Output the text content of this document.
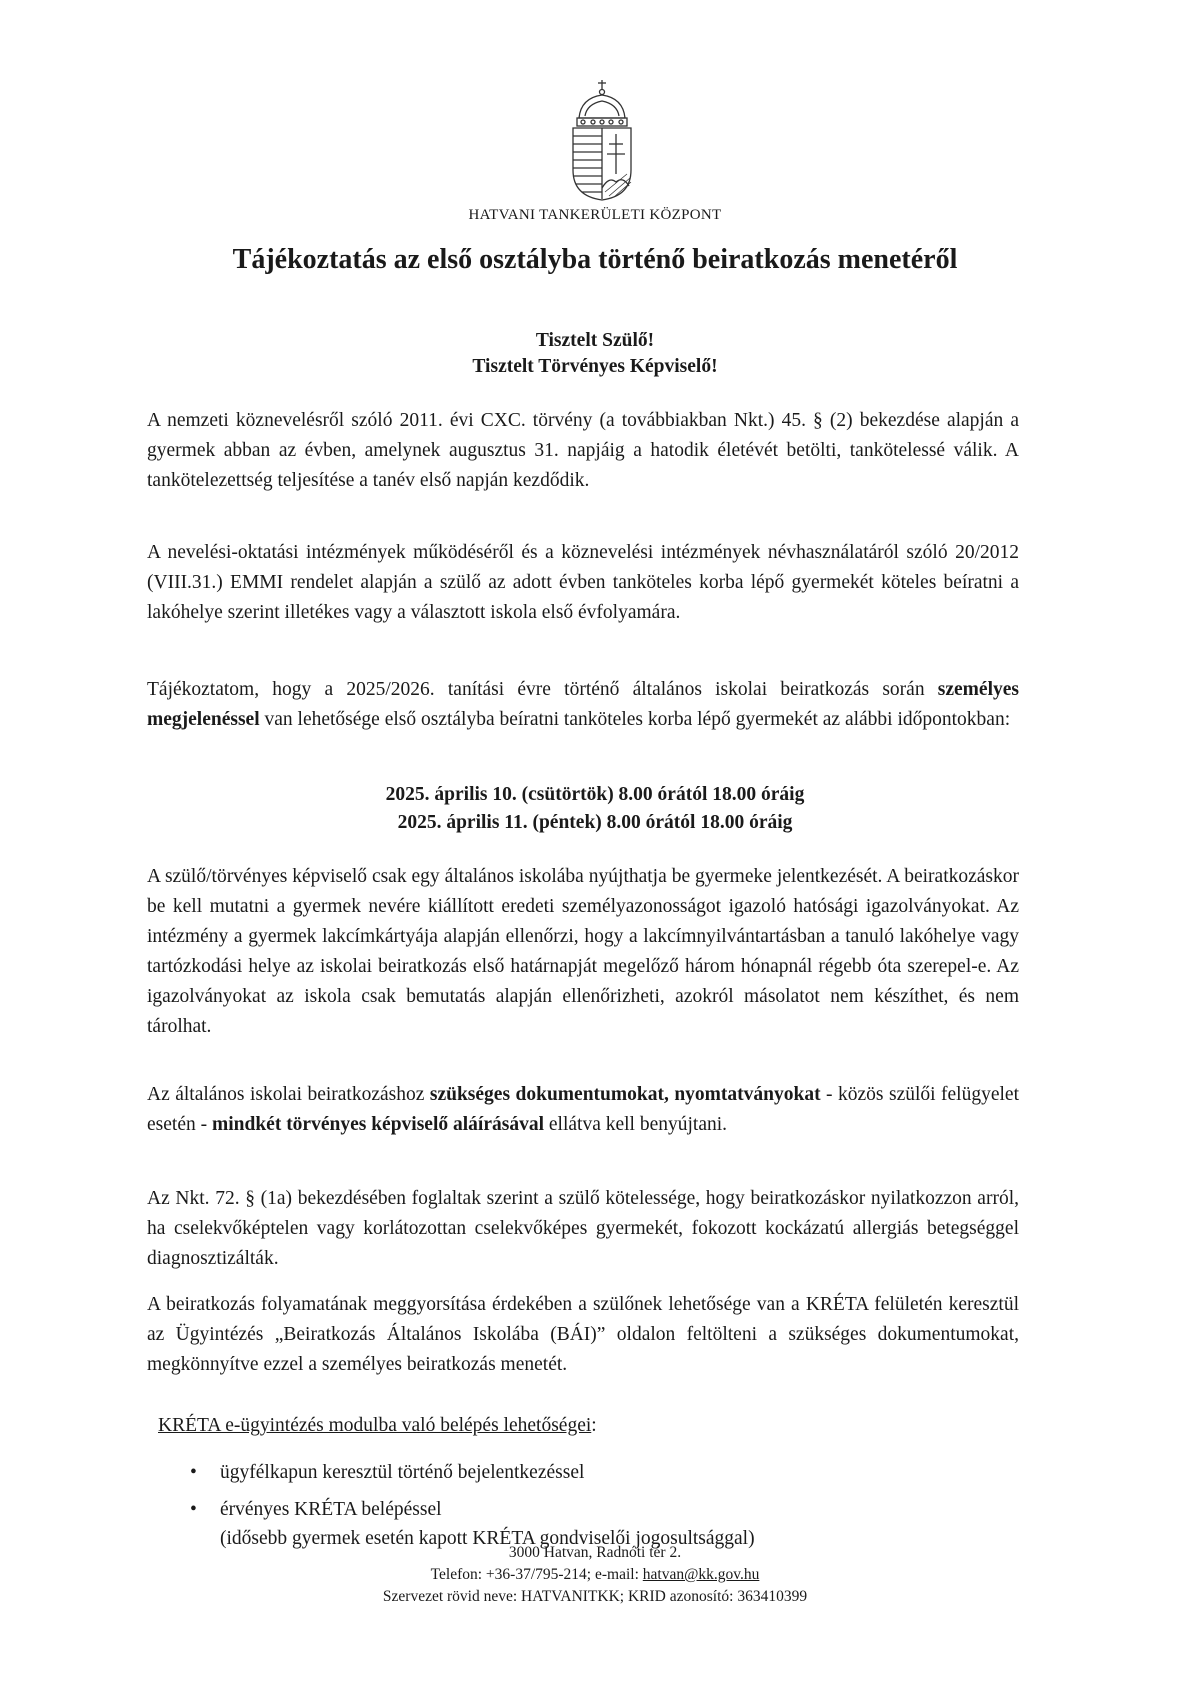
HATVANI TANKERÜLETI KÖZPONT
Tájékoztatás az első osztályba történő beiratkozás menetéről
Tisztelt Szülő!
Tisztelt Törvényes Képviselő!

A nemzeti köznevelésről szóló 2011. évi CXC. törvény (a továbbiakban Nkt.) 45. § (2) bekezdése alapján a gyermek abban az évben, amelynek augusztus 31. napjáig a hatodik életévét betölti, tankötelessé válik. A tankötelezettség teljesítése a tanév első napján kezdődik.

A nevelési-oktatási intézmények működéséről és a köznevelési intézmények névhasználatáról szóló 20/2012 (VIII.31.) EMMI rendelet alapján a szülő az adott évben tanköteles korba lépő gyermekét köteles beíratni a lakóhelye szerint illetékes vagy a választott iskola első évfolyamára.

Tájékoztatom, hogy a 2025/2026. tanítási évre történő általános iskolai beiratkozás során személyes megjelenéssel van lehetősége első osztályba beíratni tanköteles korba lépő gyermekét az alábbi időpontokban:

2025. április 10. (csütörtök) 8.00 órától 18.00 óráig
2025. április 11. (péntek) 8.00 órától 18.00 óráig

A szülő/törvényes képviselő csak egy általános iskolába nyújthatja be gyermeke jelentkezését. A beiratkozáskor be kell mutatni a gyermek nevére kiállított eredeti személyazonosságot igazoló hatósági igazolványokat. Az intézmény a gyermek lakcímkártyája alapján ellenőrzi, hogy a lakcímnyilvántartásban a tanuló lakóhelye vagy tartózkodási helye az iskolai beiratkozás első határnapját megelőző három hónapnál régebb óta szerepel-e. Az igazolványokat az iskola csak bemutatás alapján ellenőrizheti, azokról másolatot nem készíthet, és nem tárolhat.

Az általános iskolai beiratkozáshoz szükséges dokumentumokat, nyomtatványokat - közös szülői felügyelet esetén - mindkét törvényes képviselő aláírásával ellátva kell benyújtani.

Az Nkt. 72. § (1a) bekezdésében foglaltak szerint a szülő kötelessége, hogy beiratkozáskor nyilatkozzon arról, ha cselekvőképtelen vagy korlátozottan cselekvőképes gyermekét, fokozott kockázatú allergiás betegséggel diagnosztizálták.

A beiratkozás folyamatának meggyorsítása érdekében a szülőnek lehetősége van a KRÉTA felületén keresztül az Ügyintézés „Beiratkozás Általános Iskolába (BÁI)” oldalon feltölteni a szükséges dokumentumokat, megkönnyítve ezzel a személyes beiratkozás menetét.

KRÉTA e-ügyintézés modulba való belépés lehetőségei:
• ügyfélkapun keresztül történő bejelentkezéssel
• érvényes KRÉTA belépéssel
(idősebb gyermek esetén kapott KRÉTA gondviselői jogosultsággal)
3000 Hatvan, Radnóti tér 2.
Telefon: +36-37/795-214; e-mail: hatvan@kk.gov.hu
Szervezet rövid neve: HATVANITKK; KRID azonosító: 363410399
